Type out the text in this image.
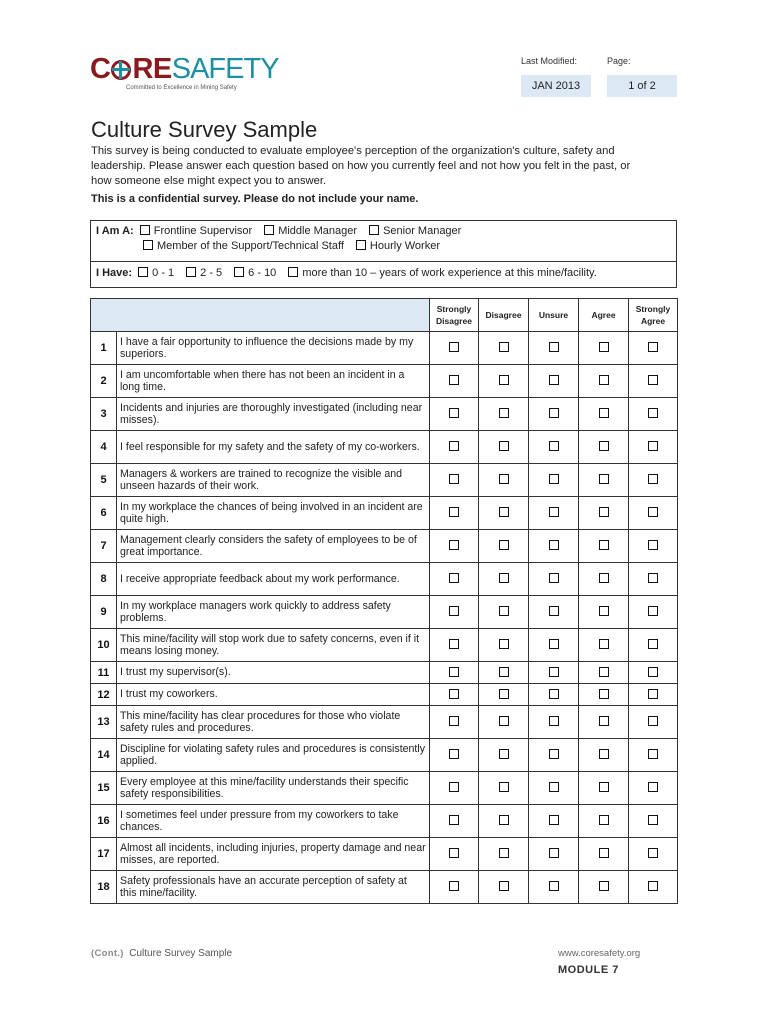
C RESAFETY
Committed to Excellence in Mining Safety
Last Modified:
JAN 2013
Page:
1 of 2
Culture Survey Sample
This survey is being conducted to evaluate employee's perception of the organization's culture, safety and leadership. Please answer each question based on how you currently feel and not how you felt in the past, or how someone else might expect you to answer.
This is a confidential survey. Please do not include your name.
I Am A: Frontline Supervisor Middle Manager Senior Manager
Member of the Support/Technical Staff Hourly Worker
I Have: 0 - 1 2 - 5 6 - 10 more than 10 – years of work experience at this mine/facility.
		Strongly Disagree	Disagree	Unsure	Agree	Strongly Agree
1	I have a fair opportunity to influence the decisions made by my superiors.					
2	I am uncomfortable when there has not been an incident in a long time.					
3	Incidents and injuries are thoroughly investigated (including near misses).					
4	I feel responsible for my safety and the safety of my co-workers.					
5	Managers & workers are trained to recognize the visible and unseen hazards of their work.					
6	In my workplace the chances of being involved in an incident are quite high.					
7	Management clearly considers the safety of employees to be of great importance.					
8	I receive appropriate feedback about my work performance.					
9	In my workplace managers work quickly to address safety problems.					
10	This mine/facility will stop work due to safety concerns, even if it means losing money.					
11	I trust my supervisor(s).					
12	I trust my coworkers.					
13	This mine/facility has clear procedures for those who violate safety rules and procedures.					
14	Discipline for violating safety rules and procedures is consistently applied.					
15	Every employee at this mine/facility understands their specific safety responsibilities.					
16	I sometimes feel under pressure from my coworkers to take chances.					
17	Almost all incidents, including injuries, property damage and near misses, are reported.					
18	Safety professionals have an accurate perception of safety at this mine/facility.					
(Cont.) Culture Survey Sample	www.coresafety.org
MODULE 7
